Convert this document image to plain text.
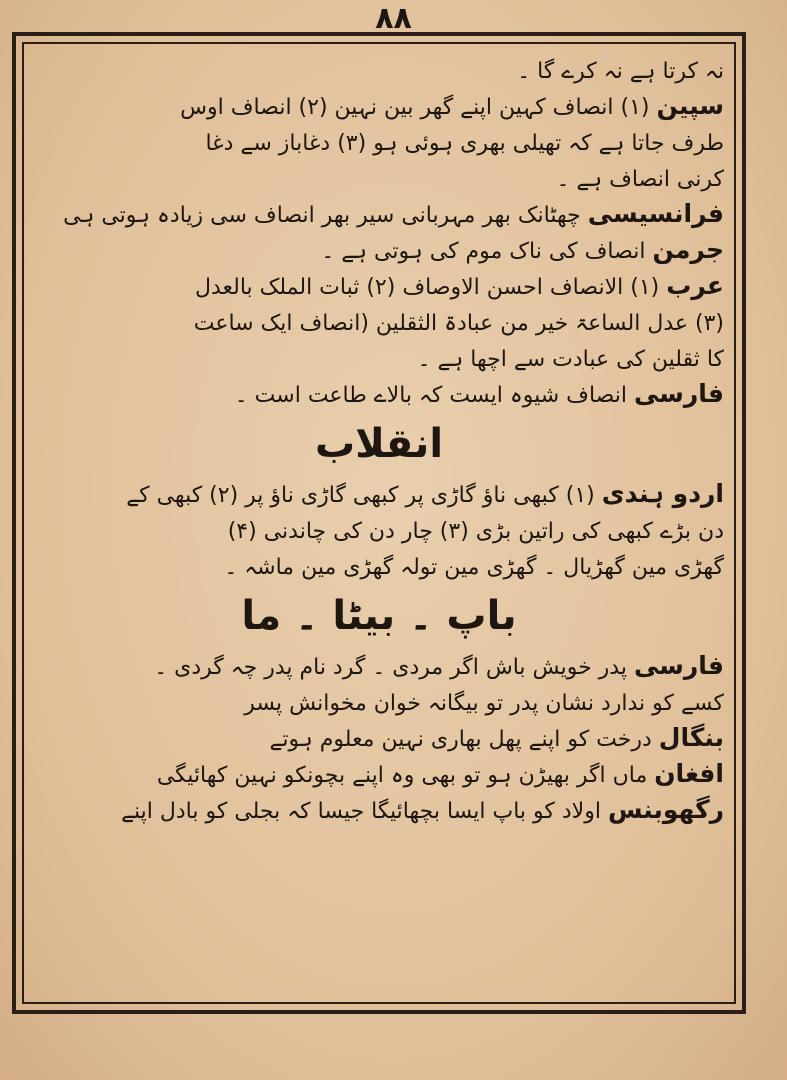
۸۸
نہ کرتا ہے نہ کرے گا ۔
سپین (۱) انصاف کہین اپنے گھر بین نہین (۲) انصاف اوس
طرف جاتا ہے کہ تھیلی بھری ہوئی ہو (۳) دغاباز سے دغا
کرنی انصاف ہے ۔
فرانسیسی چھٹانک بھر مہربانی سیر بھر انصاف سی زیادہ ہوتی ہی
جرمن انصاف کی ناک موم کی ہوتی ہے ۔
عرب (۱) الانصاف احسن الاوصاف (۲) ثبات الملک بالعدل
(۳) عدل الساعۃ خیر من عبادۃ الثقلین (انصاف ایک ساعت
کا ثقلین کی عبادت سے اچھا ہے ۔
فارسی انصاف شیوہ ایست کہ بالاے طاعت است ۔
انقلاب
اردو ہندی (۱) کبھی ناؤ گاڑی پر کبھی گاڑی ناؤ پر (۲) کبھی کے
دن بڑے کبھی کی راتین بڑی (۳) چار دن کی چاندنی (۴)
گھڑی مین گھڑیال ۔ گھڑی مین تولہ گھڑی مین ماشہ ۔
باپ ۔ بیٹا ۔ ما
فارسی پدر خویش باش اگر مردی ۔ گرد نام پدر چہ گردی ۔
کسے کو ندارد نشان پدر تو بیگانہ خوان مخوانش پسر
بنگال درخت کو اپنے پھل بھاری نہین معلوم ہوتے
افغان ماں اگر بھیڑن ہو تو بھی وہ اپنے بچونکو نہین کھائیگی
رگھوبنس اولاد کو باپ ایسا بچھائیگا جیسا کہ بجلی کو بادل اپنے
